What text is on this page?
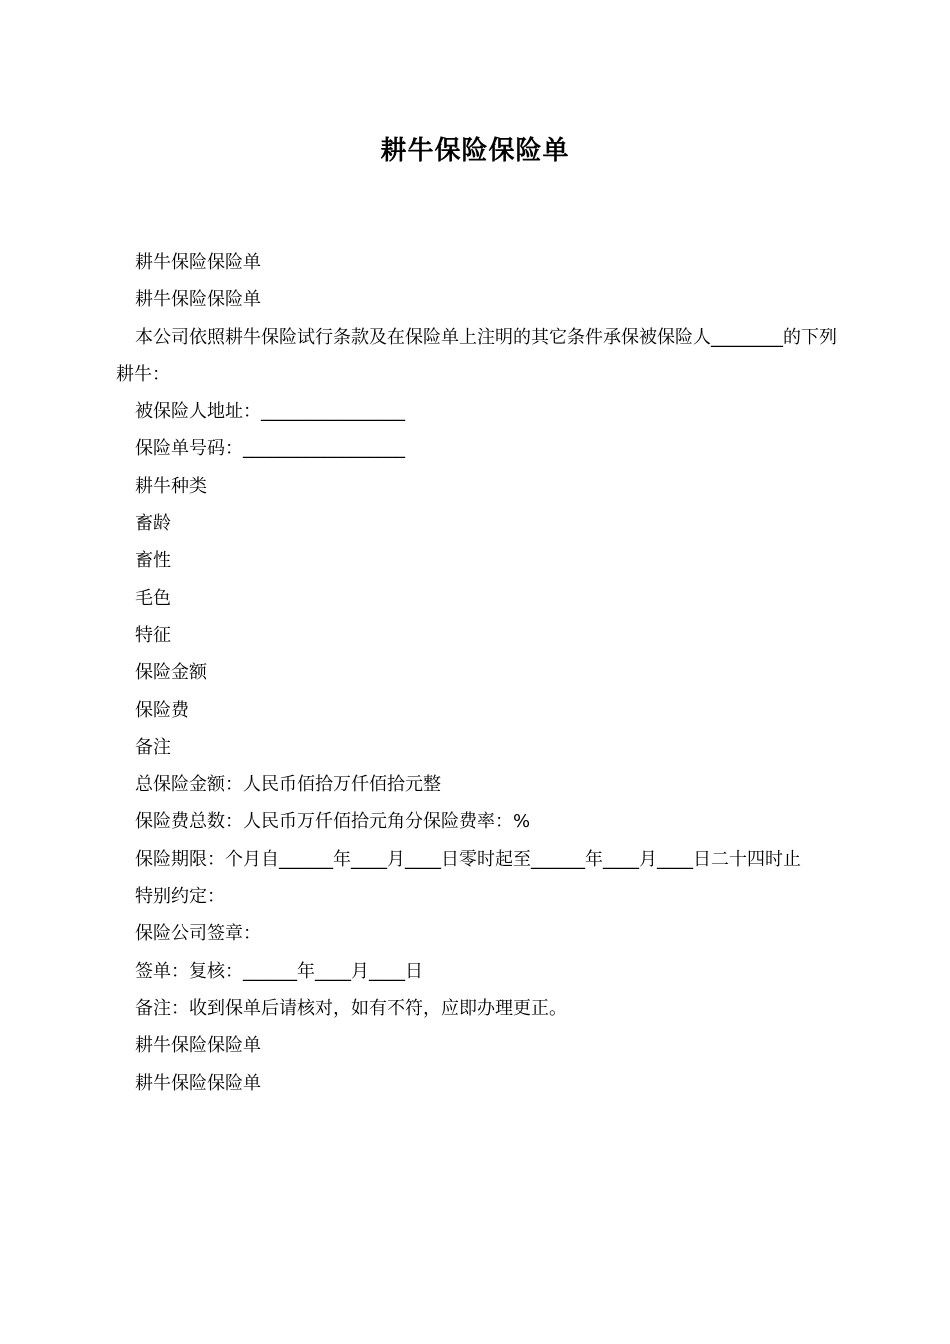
耕牛保险保险单

耕牛保险保险单

耕牛保险保险单

本公司依照耕牛保险试行条款及在保险单上注明的其它条件承保被保险人________的下列耕牛：

被保险人地址：________________

保险单号码：__________________

耕牛种类

畜龄

畜性

毛色

特征

保险金额

保险费

备注

总保险金额：人民币佰拾万仟佰拾元整

保险费总数：人民币万仟佰拾元角分保险费率：%

保险期限：个月自______年____月____日零时起至______年____月____日二十四时止

特别约定：

保险公司签章：

签单：复核：______年____月____日

备注：收到保单后请核对，如有不符，应即办理更正。

耕牛保险保险单

耕牛保险保险单
